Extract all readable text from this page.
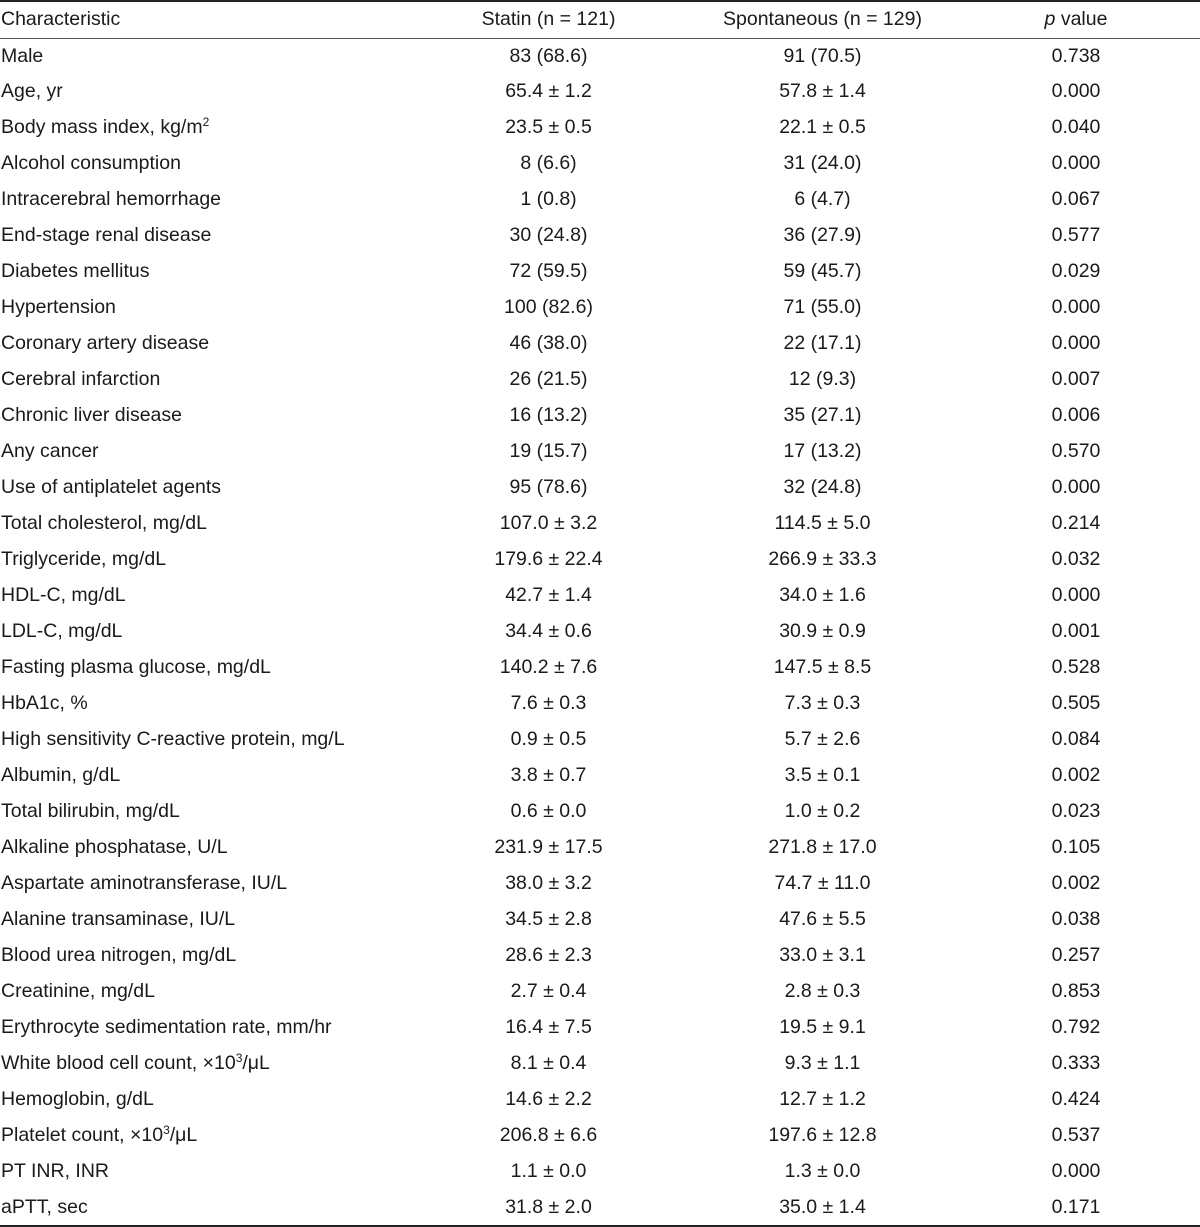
Characteristic	Statin (n = 121)	Spontaneous (n = 129)	p value
Male	83 (68.6)	91 (70.5)	0.738
Age, yr	65.4 ± 1.2	57.8 ± 1.4	0.000
Body mass index, $kg/m^2$	23.5 ± 0.5	22.1 ± 0.5	0.040
Alcohol consumption	8 (6.6)	31 (24.0)	0.000
Intracerebral hemorrhage	1 (0.8)	6 (4.7)	0.067
End-stage renal disease	30 (24.8)	36 (27.9)	0.577
Diabetes mellitus	72 (59.5)	59 (45.7)	0.029
Hypertension	100 (82.6)	71 (55.0)	0.000
Coronary artery disease	46 (38.0)	22 (17.1)	0.000
Cerebral infarction	26 (21.5)	12 (9.3)	0.007
Chronic liver disease	16 (13.2)	35 (27.1)	0.006
Any cancer	19 (15.7)	17 (13.2)	0.570
Use of antiplatelet agents	95 (78.6)	32 (24.8)	0.000
Total cholesterol, mg/dL	107.0 ± 3.2	114.5 ± 5.0	0.214
Triglyceride, mg/dL	179.6 ± 22.4	266.9 ± 33.3	0.032
HDL-C, mg/dL	42.7 ± 1.4	34.0 ± 1.6	0.000
LDL-C, mg/dL	34.4 ± 0.6	30.9 ± 0.9	0.001
Fasting plasma glucose, mg/dL	140.2 ± 7.6	147.5 ± 8.5	0.528
HbA1c, %	7.6 ± 0.3	7.3 ± 0.3	0.505
High sensitivity C-reactive protein, mg/L	0.9 ± 0.5	5.7 ± 2.6	0.084
Albumin, g/dL	3.8 ± 0.7	3.5 ± 0.1	0.002
Total bilirubin, mg/dL	0.6 ± 0.0	1.0 ± 0.2	0.023
Alkaline phosphatase, U/L	231.9 ± 17.5	271.8 ± 17.0	0.105
Aspartate aminotransferase, IU/L	38.0 ± 3.2	74.7 ± 11.0	0.002
Alanine transaminase, IU/L	34.5 ± 2.8	47.6 ± 5.5	0.038
Blood urea nitrogen, mg/dL	28.6 ± 2.3	33.0 ± 3.1	0.257
Creatinine, mg/dL	2.7 ± 0.4	2.8 ± 0.3	0.853
Erythrocyte sedimentation rate, mm/hr	16.4 ± 7.5	19.5 ± 9.1	0.792
White blood cell count, $\times 10^3/\mu L$	8.1 ± 0.4	9.3 ± 1.1	0.333
Hemoglobin, g/dL	14.6 ± 2.2	12.7 ± 1.2	0.424
Platelet count, $\times 10^3/\mu L$	206.8 ± 6.6	197.6 ± 12.8	0.537
PT INR, INR	1.1 ± 0.0	1.3 ± 0.0	0.000
aPTT, sec	31.8 ± 2.0	35.0 ± 1.4	0.171
